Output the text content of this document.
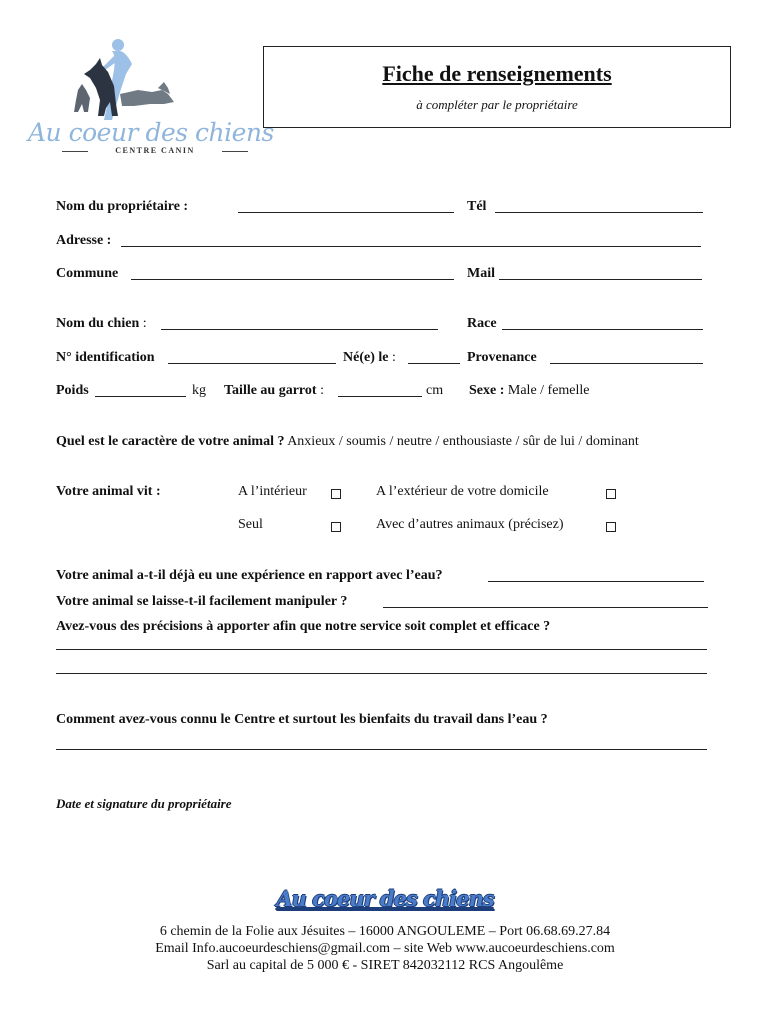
Au coeur des chiens
CENTRE CANIN
Fiche de renseignements
à compléter par le propriétaire
Nom du propriétaire :	Tél
Adresse :
Commune	Mail
Nom du chien :	Race
N° identification	Né(e) le :	Provenance
Poids	kg Taille au garrot :	cm Sexe : Male / femelle
Quel est le caractère de votre animal ? Anxieux / soumis / neutre / enthousiaste / sûr de lui / dominant
Votre animal vit :	A l’intérieur	A l’extérieur de votre domicile
Seul	Avec d’autres animaux (précisez)
Votre animal a-t-il déjà eu une expérience en rapport avec l’eau?
Votre animal se laisse-t-il facilement manipuler ?
Avez-vous des précisions à apporter afin que notre service soit complet et efficace ?
Comment avez-vous connu le Centre et surtout les bienfaits du travail dans l’eau ?
Date et signature du propriétaire
Au coeur des chiens
6 chemin de la Folie aux Jésuites – 16000 ANGOULEME – Port 06.68.69.27.84
Email Info.aucoeurdeschiens@gmail.com – site Web www.aucoeurdeschiens.com
Sarl au capital de 5 000 € - SIRET 842032112 RCS Angoulême
